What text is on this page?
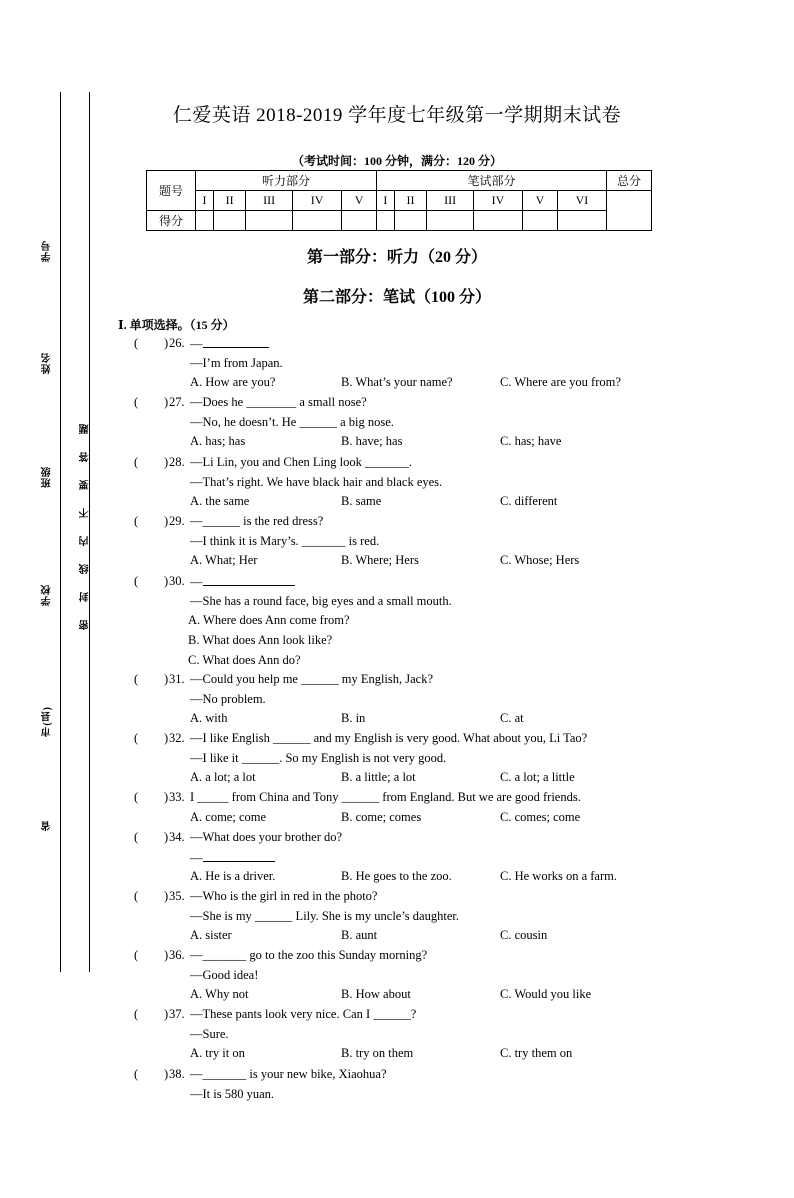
学号
姓名
班级
学校
市(县)
省
密
封
线
内
不
要
答
题
仁爱英语 2018-2019 学年度七年级第一学期期末试卷
（考试时间：100 分钟，满分：120 分）
题号	听力部分					笔试部分						总分
	I	II	III	IV	V	I	II	III	IV	V	VI	
得分												
第一部分：听力（20 分）
第二部分：笔试（100 分）
Ⅰ. 单项选择。（15 分）
( ) 26. —
—I’m from Japan.
A. How are you?	B. What’s your name?	C. Where are you from?
( ) 27. —Does he ________ a small nose?
—No, he doesn’t. He ______ a big nose.
A. has; has	B. have; has	C. has; have
( ) 28. —Li Lin, you and Chen Ling look _______.
—That’s right. We have black hair and black eyes.
A. the same	B. same	C. different
( ) 29. —______ is the red dress?
—I think it is Mary’s. _______ is red.
A. What; Her	B. Where; Hers	C. Whose; Hers
( ) 30. —
—She has a round face, big eyes and a small mouth.
A. Where does Ann come from?
B. What does Ann look like?
C. What does Ann do?
( ) 31. —Could you help me ______ my English, Jack?
—No problem.
A. with	B. in	C. at
( ) 32. —I like English ______ and my English is very good. What about you, Li Tao?
—I like it ______. So my English is not very good.
A. a lot; a lot	B. a little; a lot	C. a lot; a little
( ) 33. I _____ from China and Tony ______ from England. But we are good friends.
A. come; come	B. come; comes	C. comes; come
( ) 34. —What does your brother do?
—
A. He is a driver.	B. He goes to the zoo.	C. He works on a farm.
( ) 35. —Who is the girl in red in the photo?
—She is my ______ Lily. She is my uncle’s daughter.
A. sister	B. aunt	C. cousin
( ) 36. —_______ go to the zoo this Sunday morning?
—Good idea!
A. Why not	B. How about	C. Would you like
( ) 37. —These pants look very nice. Can I ______?
—Sure.
A. try it on	B. try on them	C. try them on
( ) 38. —_______ is your new bike, Xiaohua?
—It is 580 yuan.
